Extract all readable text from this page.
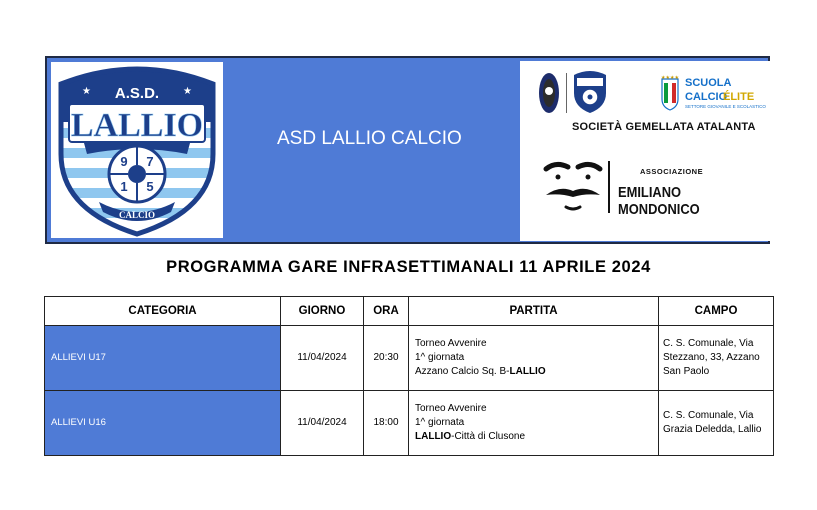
A.S.D.
★	★
LALLIO
9 7
1 5
CALCIO
ASD LALLIO CALCIO
★★★★ SCUOLA
CALCIO
ÉLITE
SETTORE GIOVANILE E SCOLASTICO
SOCIETÀ GEMELLATA ATALANTA
ASSOCIAZIONE
EMILIANO MONDONICO
PROGRAMMA GARE INFRASETTIMANALI 11 APRILE 2024
CATEGORIA	GIORNO	ORA	PARTITA	CAMPO
ALLIEVI U17	11/04/2024	20:30	Torneo Avvenire
1^ giornata
Azzano Calcio Sq. B-LALLIO	C. S. Comunale, Via Stezzano, 33, Azzano San Paolo
ALLIEVI U16	11/04/2024	18:00	Torneo Avvenire
1^ giornata
LALLIO-Città di Clusone	C. S. Comunale, Via Grazia Deledda, Lallio
